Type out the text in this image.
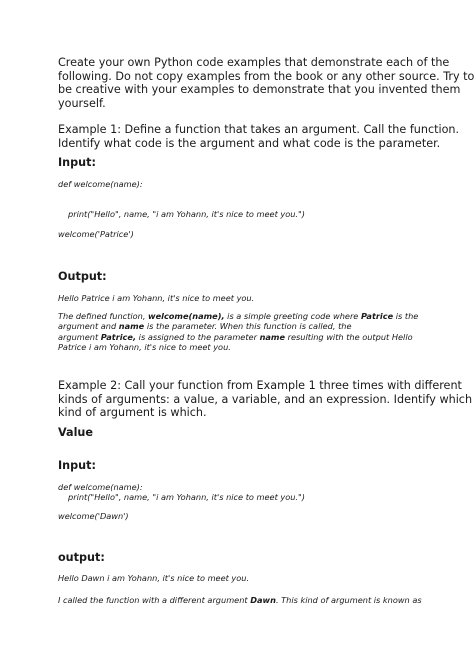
Create your own Python code examples that demonstrate each of the
following. Do not copy examples from the book or any other source. Try to
be creative with your examples to demonstrate that you invented them
yourself.
Example 1: Define a function that takes an argument. Call the function.
Identify what code is the argument and what code is the parameter.
Input:
def welcome(name):
print("Hello", name, "i am Yohann, it's nice to meet you.")
welcome('Patrice')
Output:
Hello Patrice i am Yohann, it's nice to meet you.
The defined function, welcome(name), is a simple greeting code where Patrice is the
argument and name is the parameter. When this function is called, the
argument Patrice, is assigned to the parameter name resulting with the output Hello
Patrice i am Yohann, it's nice to meet you.
Example 2: Call your function from Example 1 three times with different
kinds of arguments: a value, a variable, and an expression. Identify which
kind of argument is which.
Value
Input:
def welcome(name):
print("Hello", name, "i am Yohann, it's nice to meet you.")
welcome('Dawn')
output:
Hello Dawn i am Yohann, it's nice to meet you.
I called the function with a different argument Dawn. This kind of argument is known as
